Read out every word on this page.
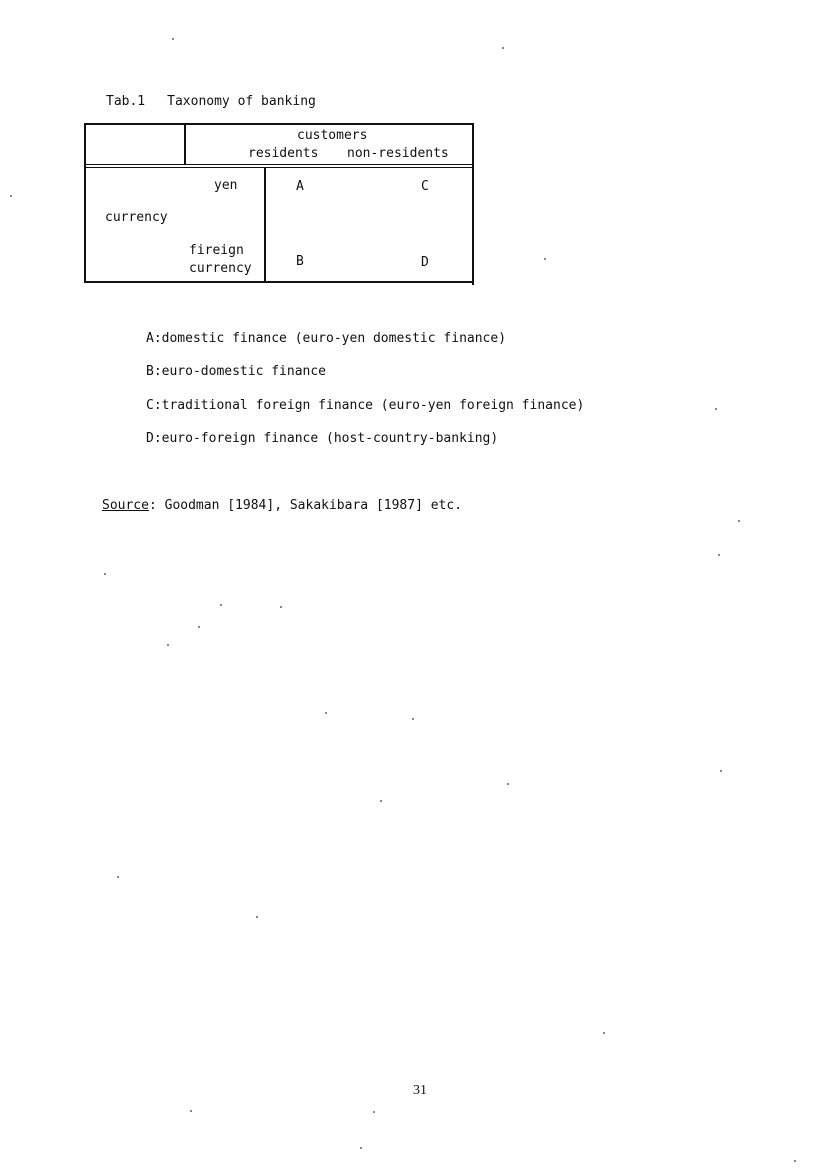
Tab.1 Taxonomy of banking
customers
residents non-residents
yen
currency
fireign
currency
A	C
B	D
A:domestic finance (euro-yen domestic finance)
B:euro-domestic finance
C:traditional foreign finance (euro-yen foreign finance)
D:euro-foreign finance (host-country-banking)
Source: Goodman [1984], Sakakibara [1987] etc.
31
